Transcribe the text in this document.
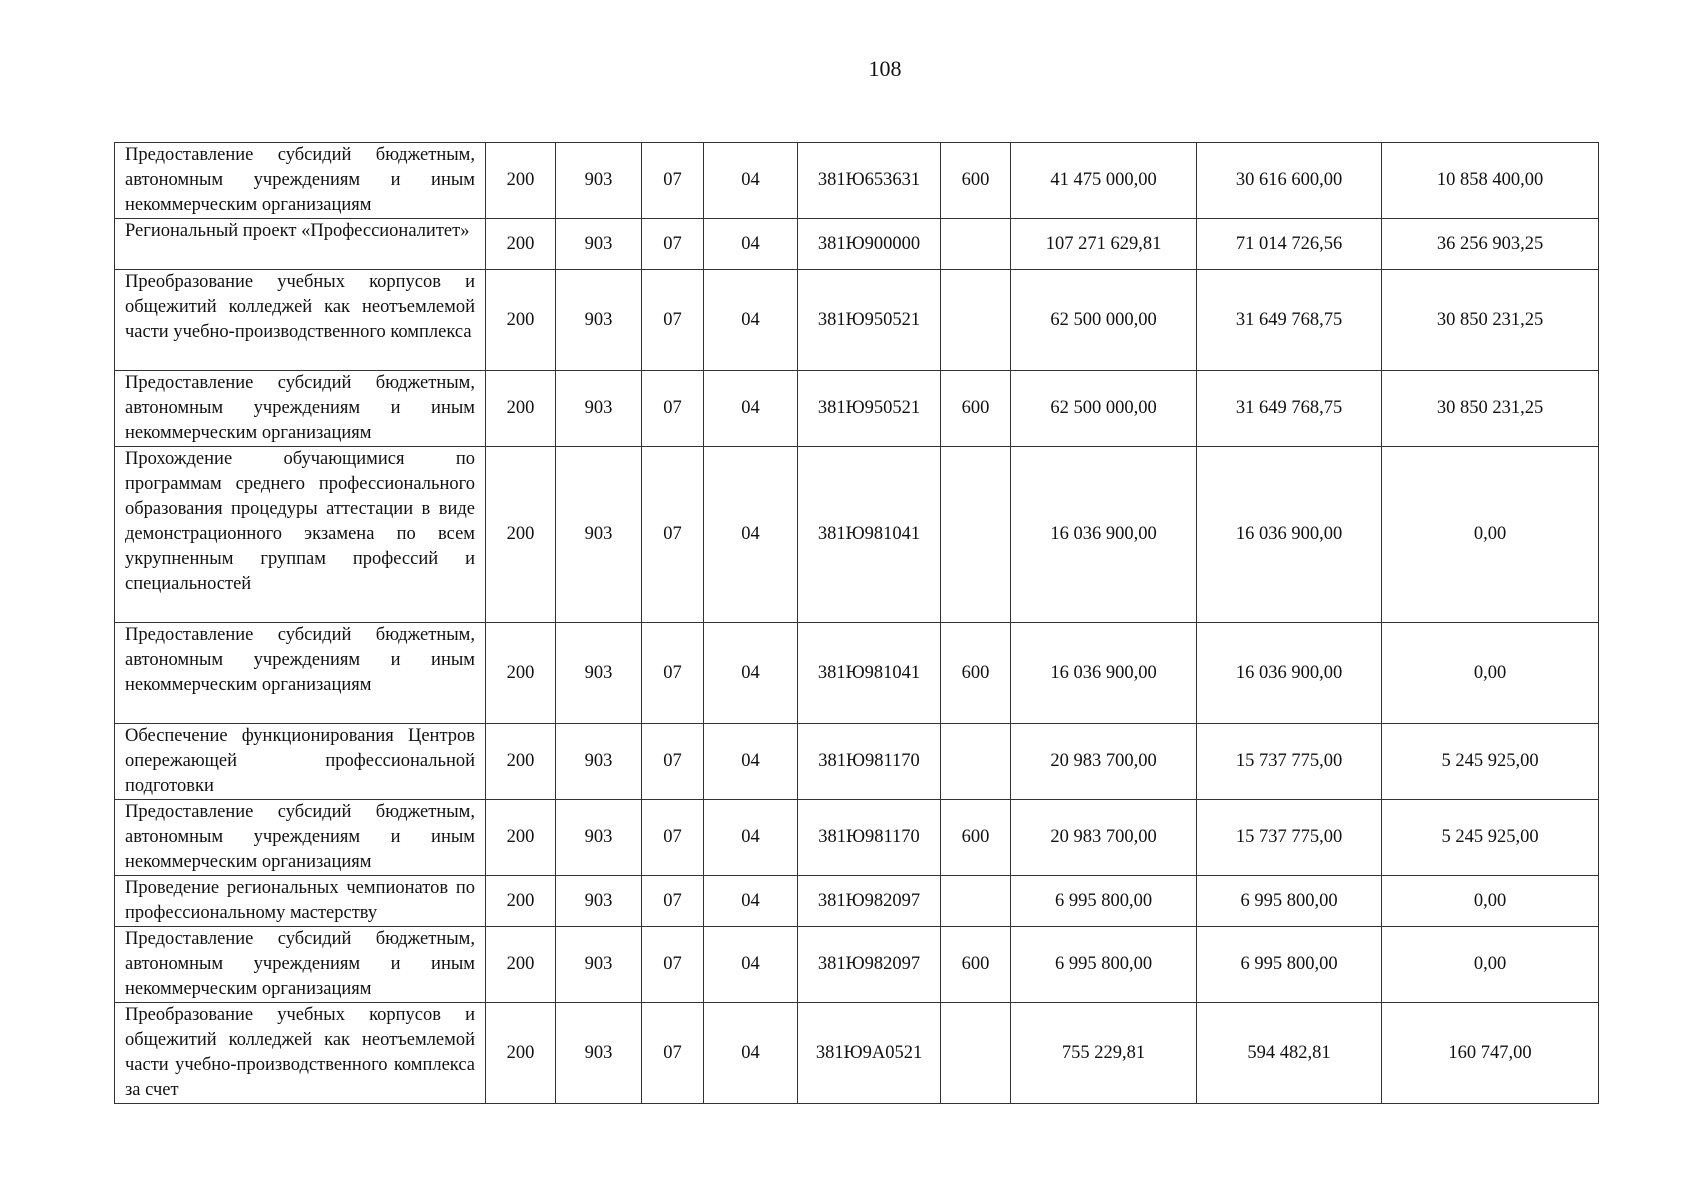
108
Предоставление субсидий бюджетным, автономным учреждениям и иным некоммерческим организациям	200	903	07	04	381Ю653631	600	41 475 000,00	30 616 600,00	10 858 400,00
Региональный проект «Профессионалитет»	200	903	07	04	381Ю900000		107 271 629,81	71 014 726,56	36 256 903,25
Преобразование учебных корпусов и общежитий колледжей как неотъемлемой части учебно-производственного комплекса	200	903	07	04	381Ю950521		62 500 000,00	31 649 768,75	30 850 231,25
Предоставление субсидий бюджетным, автономным учреждениям и иным некоммерческим организациям	200	903	07	04	381Ю950521	600	62 500 000,00	31 649 768,75	30 850 231,25
Прохождение обучающимися по программам среднего профессионального образования процедуры аттестации в виде демонстрационного экзамена по всем укрупненным группам профессий и специальностей	200	903	07	04	381Ю981041		16 036 900,00	16 036 900,00	0,00
Предоставление субсидий бюджетным, автономным учреждениям и иным некоммерческим организациям	200	903	07	04	381Ю981041	600	16 036 900,00	16 036 900,00	0,00
Обеспечение функционирования Центров опережающей профессиональной подготовки	200	903	07	04	381Ю981170		20 983 700,00	15 737 775,00	5 245 925,00
Предоставление субсидий бюджетным, автономным учреждениям и иным некоммерческим организациям	200	903	07	04	381Ю981170	600	20 983 700,00	15 737 775,00	5 245 925,00
Проведение региональных чемпионатов по профессиональному мастерству	200	903	07	04	381Ю982097		6 995 800,00	6 995 800,00	0,00
Предоставление субсидий бюджетным, автономным учреждениям и иным некоммерческим организациям	200	903	07	04	381Ю982097	600	6 995 800,00	6 995 800,00	0,00
Преобразование учебных корпусов и общежитий колледжей как неотъемлемой части учебно-производственного комплекса за счет	200	903	07	04	381Ю9А0521		755 229,81	594 482,81	160 747,00
